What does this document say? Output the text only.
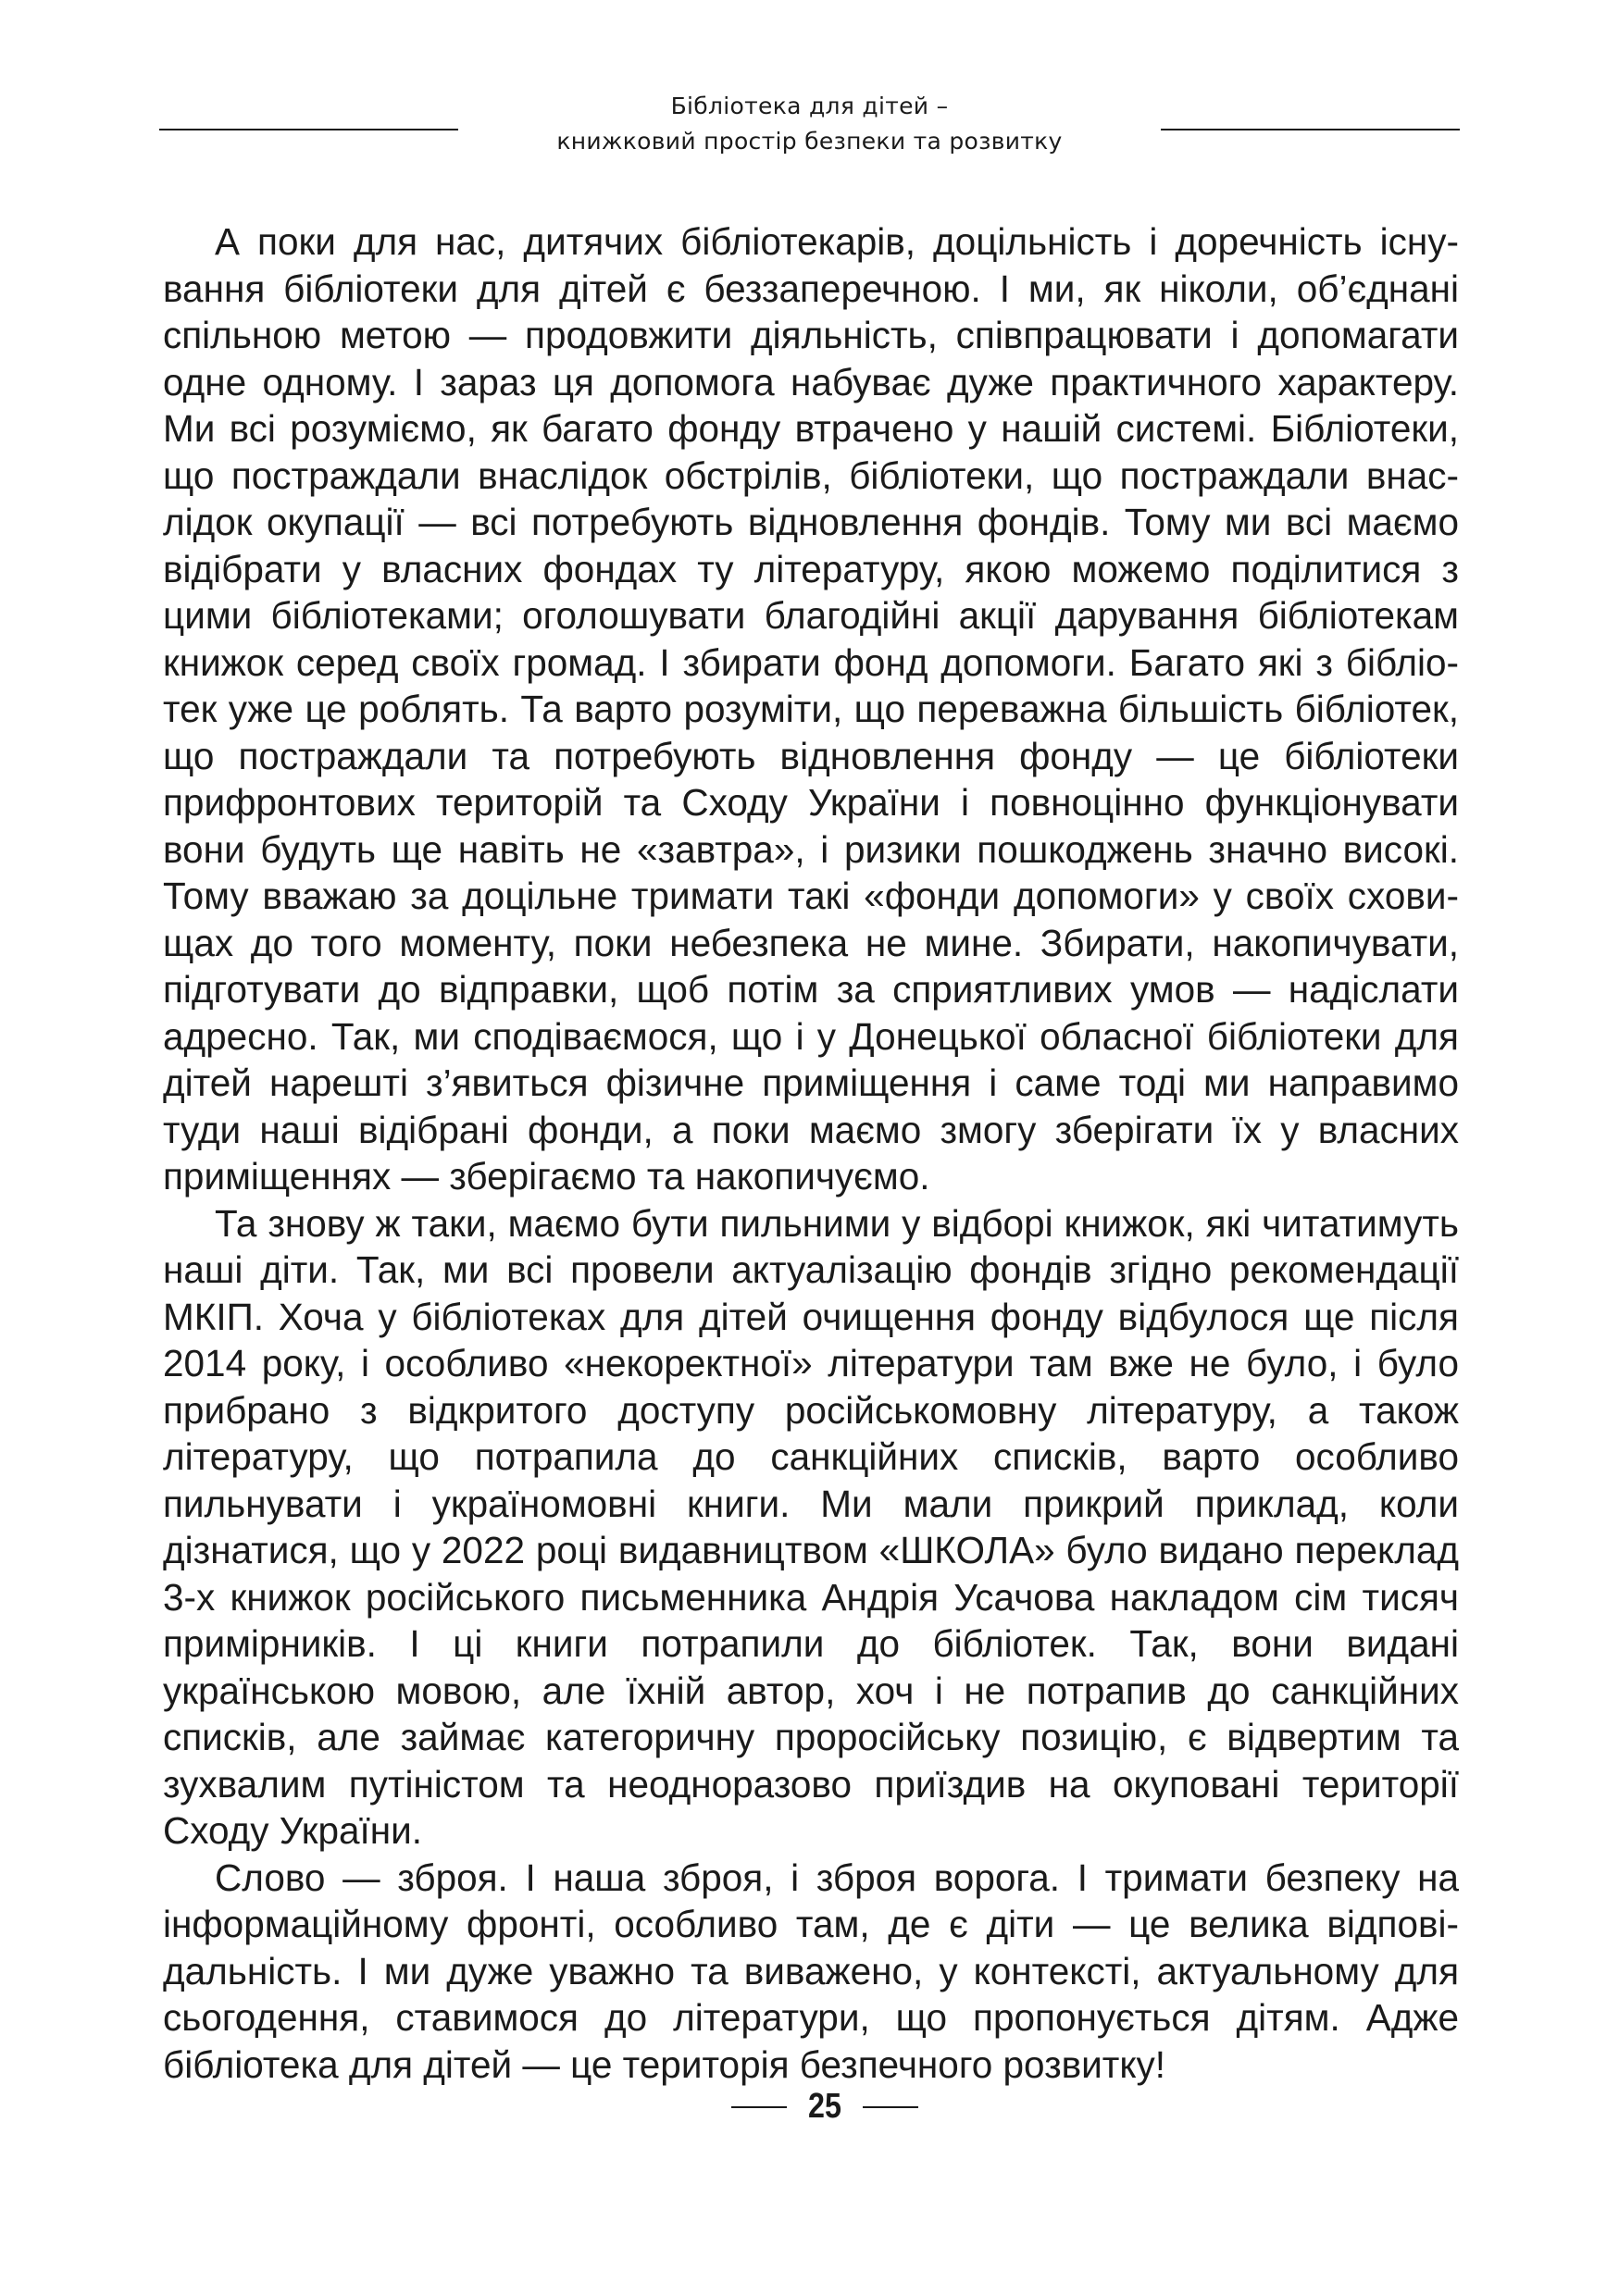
Бібліотека для дітей –
книжковий простір безпеки та розвитку

А поки для нас, дитячих бібліотекарів, доцільність і доречність існування бібліотеки для дітей є беззаперечною. І ми, як ніколи, об’єднані спільною метою — продовжити діяльність, співпрацювати і допомагати одне одному. І зараз ця допомога набуває дуже практичного характеру. Ми всі розуміємо, як багато фонду втрачено у нашій системі. Бібліотеки, що постраждали внаслідок обстрілів, бібліотеки, що постраждали внаслідок окупації — всі потребують відновлення фондів. Тому ми всі маємо відібрати у власних фондах ту літературу, якою можемо поділитися з цими бібліотеками; оголошувати благодійні акції дарування бібліотекам книжок серед своїх громад. І збирати фонд допомоги. Багато які з бібліотек уже це роблять. Та варто розуміти, що переважна більшість бібліотек, що постраждали та потребують відновлення фонду — це бібліотеки прифронтових територій та Сходу України і повноцінно функціонувати вони будуть ще навіть не «завтра», і ризики пошкоджень значно високі. Тому вважаю за доцільне тримати такі «фонди допомоги» у своїх сховищах до того моменту, поки небезпека не мине. Збирати, накопичувати, підготувати до відправки, щоб потім за сприятливих умов — надіслати адресно. Так, ми сподіваємося, що і у Донецької обласної бібліотеки для дітей нарешті з’явиться фізичне приміщення і саме тоді ми направимо туди наші відібрані фонди, а поки маємо змогу зберігати їх у власних приміщеннях — зберігаємо та накопичуємо.

Та знову ж таки, маємо бути пильними у відборі книжок, які читатимуть наші діти. Так, ми всі провели актуалізацію фондів згідно рекомендації МКІП. Хоча у бібліотеках для дітей очищення фонду відбулося ще після 2014 року, і особливо «некоректної» літератури там вже не було, і було прибрано з відкритого доступу російськомовну літературу, а також літературу, що потрапила до санкційних списків, варто особливо пильнувати і україномовні книги. Ми мали прикрий приклад, коли дізнатися, що у 2022 році видавництвом «ШКОЛА» було видано переклад 3-х книжок російського письменника Андрія Усачова накладом сім тисяч примірників. І ці книги потрапили до бібліотек. Так, вони видані українською мовою, але їхній автор, хоч і не потрапив до санкційних списків, але займає категоричну проросійську позицію, є відвертим та зухвалим путіністом та неодноразово приїздив на окуповані території Сходу України.

Слово — зброя. І наша зброя, і зброя ворога. І тримати безпеку на інформаційному фронті, особливо там, де є діти — це велика відповідальність. І ми дуже уважно та виважено, у контексті, актуальному для сьогодення, ставимося до літератури, що пропонується дітям. Адже бібліотека для дітей — це територія безпечного розвитку!

25
